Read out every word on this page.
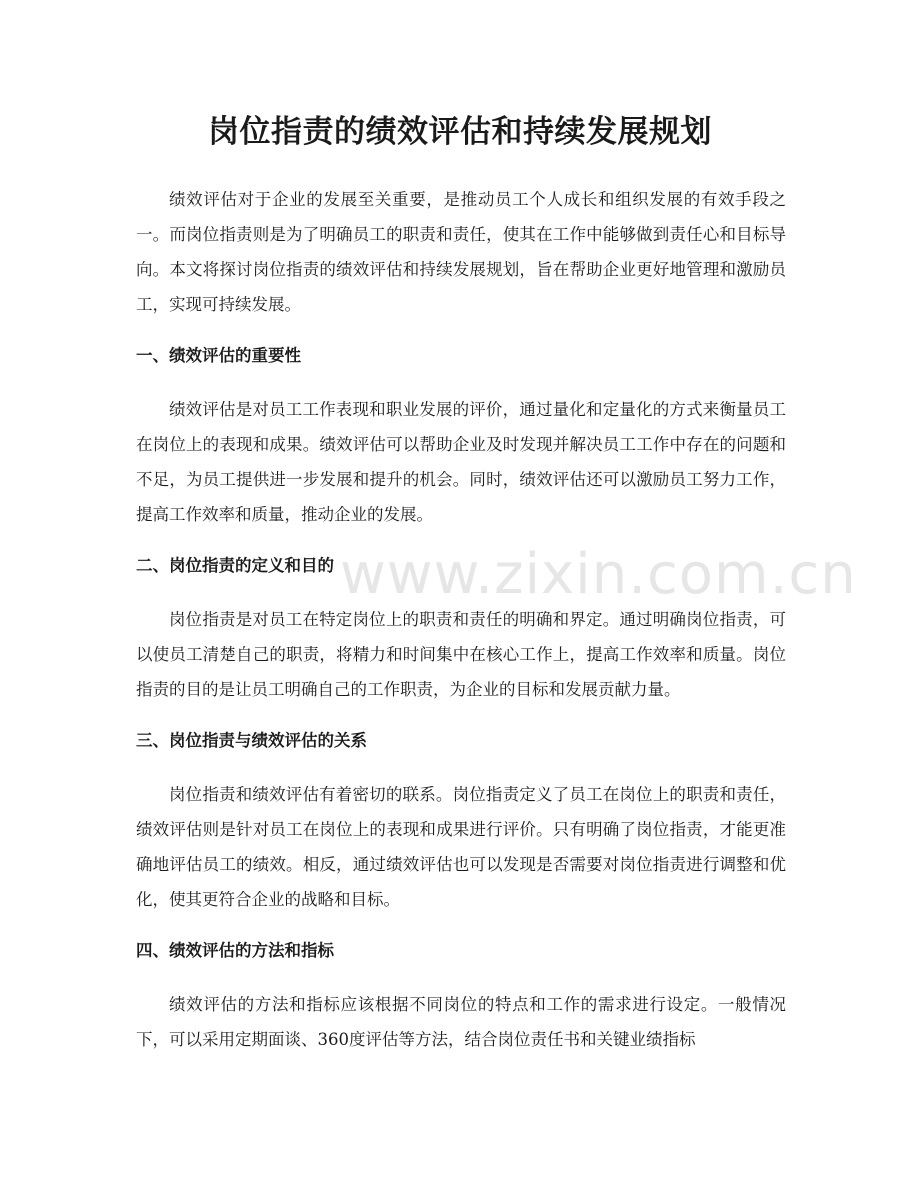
岗位指责的绩效评估和持续发展规划

绩效评估对于企业的发展至关重要，是推动员工个人成长和组织发展的有效手段之一。而岗位指责则是为了明确员工的职责和责任，使其在工作中能够做到责任心和目标导向。本文将探讨岗位指责的绩效评估和持续发展规划，旨在帮助企业更好地管理和激励员工，实现可持续发展。

一、绩效评估的重要性

绩效评估是对员工工作表现和职业发展的评价，通过量化和定量化的方式来衡量员工在岗位上的表现和成果。绩效评估可以帮助企业及时发现并解决员工工作中存在的问题和不足，为员工提供进一步发展和提升的机会。同时，绩效评估还可以激励员工努力工作，提高工作效率和质量，推动企业的发展。

二、岗位指责的定义和目的

岗位指责是对员工在特定岗位上的职责和责任的明确和界定。通过明确岗位指责，可以使员工清楚自己的职责，将精力和时间集中在核心工作上，提高工作效率和质量。岗位指责的目的是让员工明确自己的工作职责，为企业的目标和发展贡献力量。

三、岗位指责与绩效评估的关系

岗位指责和绩效评估有着密切的联系。岗位指责定义了员工在岗位上的职责和责任，绩效评估则是针对员工在岗位上的表现和成果进行评价。只有明确了岗位指责，才能更准确地评估员工的绩效。相反，通过绩效评估也可以发现是否需要对岗位指责进行调整和优化，使其更符合企业的战略和目标。

四、绩效评估的方法和指标

绩效评估的方法和指标应该根据不同岗位的特点和工作的需求进行设定。一般情况下，可以采用定期面谈、360度评估等方法，结合岗位责任书和关键业绩指标

www.zixin.com.cn
